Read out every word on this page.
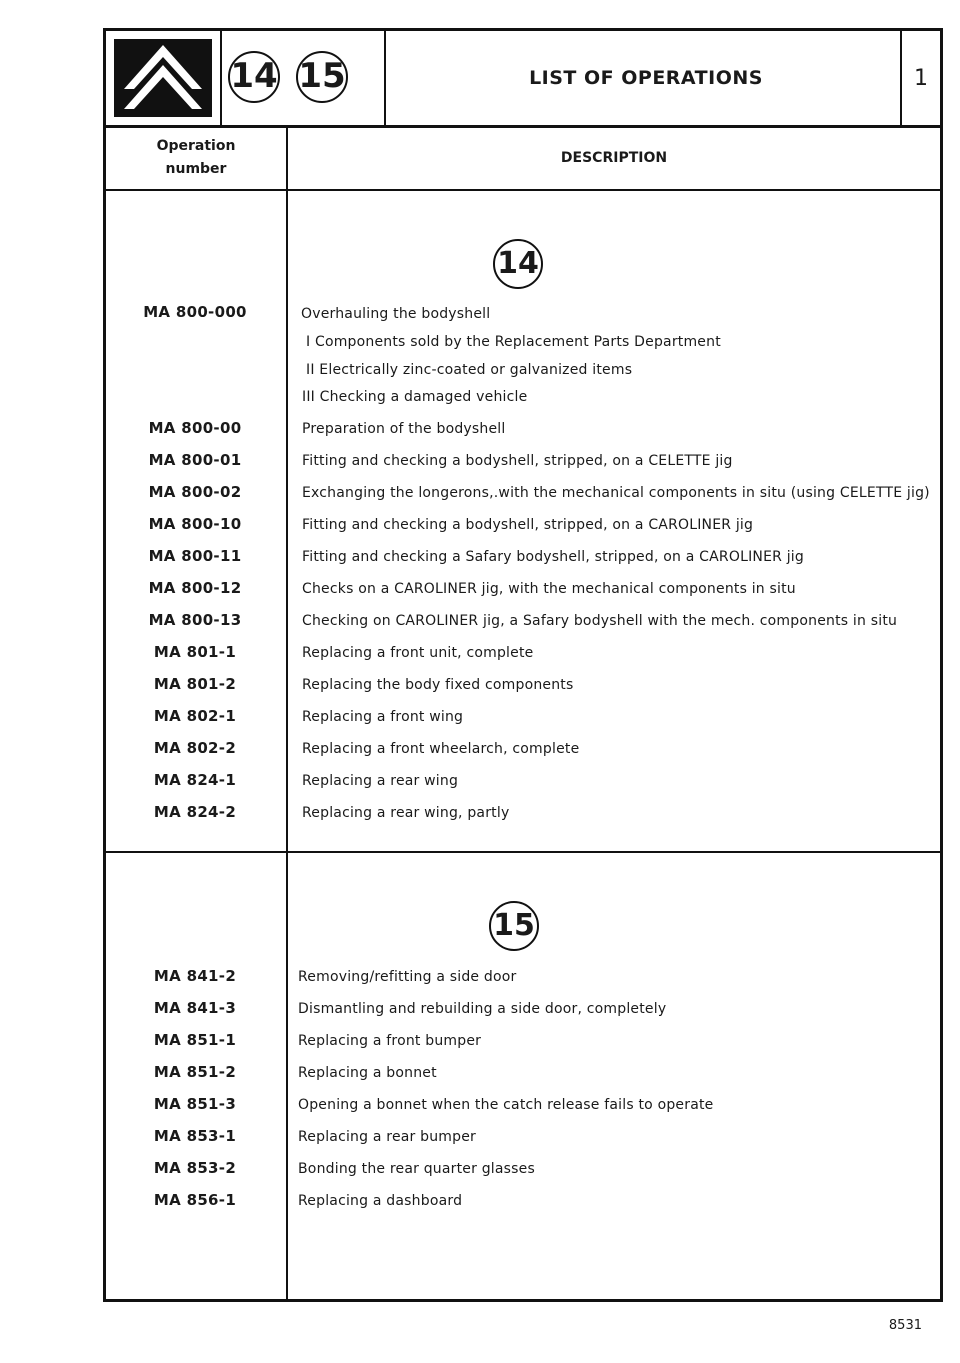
14 15	LIST OF OPERATIONS	1
Operation
number
DESCRIPTION
14
MA 800-000	Overhauling the bodyshell
I Components sold by the Replacement Parts Department
II Electrically zinc-coated or galvanized items
III Checking a damaged vehicle
MA 800-00	Preparation of the bodyshell
MA 800-01	Fitting and checking a bodyshell, stripped, on a CELETTE jig
MA 800-02	Exchanging the longerons,.with the mechanical components in situ (using CELETTE jig)
MA 800-10	Fitting and checking a bodyshell, stripped, on a CAROLINER jig
MA 800-11	Fitting and checking a Safary bodyshell, stripped, on a CAROLINER jig
MA 800-12	Checks on a CAROLINER jig, with the mechanical components in situ
MA 800-13	Checking on CAROLINER jig, a Safary bodyshell with the mech. components in situ
MA 801-1	Replacing a front unit, complete
MA 801-2	Replacing the body fixed components
MA 802-1	Replacing a front wing
MA 802-2	Replacing a front wheelarch, complete
MA 824-1	Replacing a rear wing
MA 824-2	Replacing a rear wing, partly
15
MA 841-2	Removing/refitting a side door
MA 841-3	Dismantling and rebuilding a side door, completely
MA 851-1	Replacing a front bumper
MA 851-2	Replacing a bonnet
MA 851-3	Opening a bonnet when the catch release fails to operate
MA 853-1	Replacing a rear bumper
MA 853-2	Bonding the rear quarter glasses
MA 856-1	Replacing a dashboard
8531
